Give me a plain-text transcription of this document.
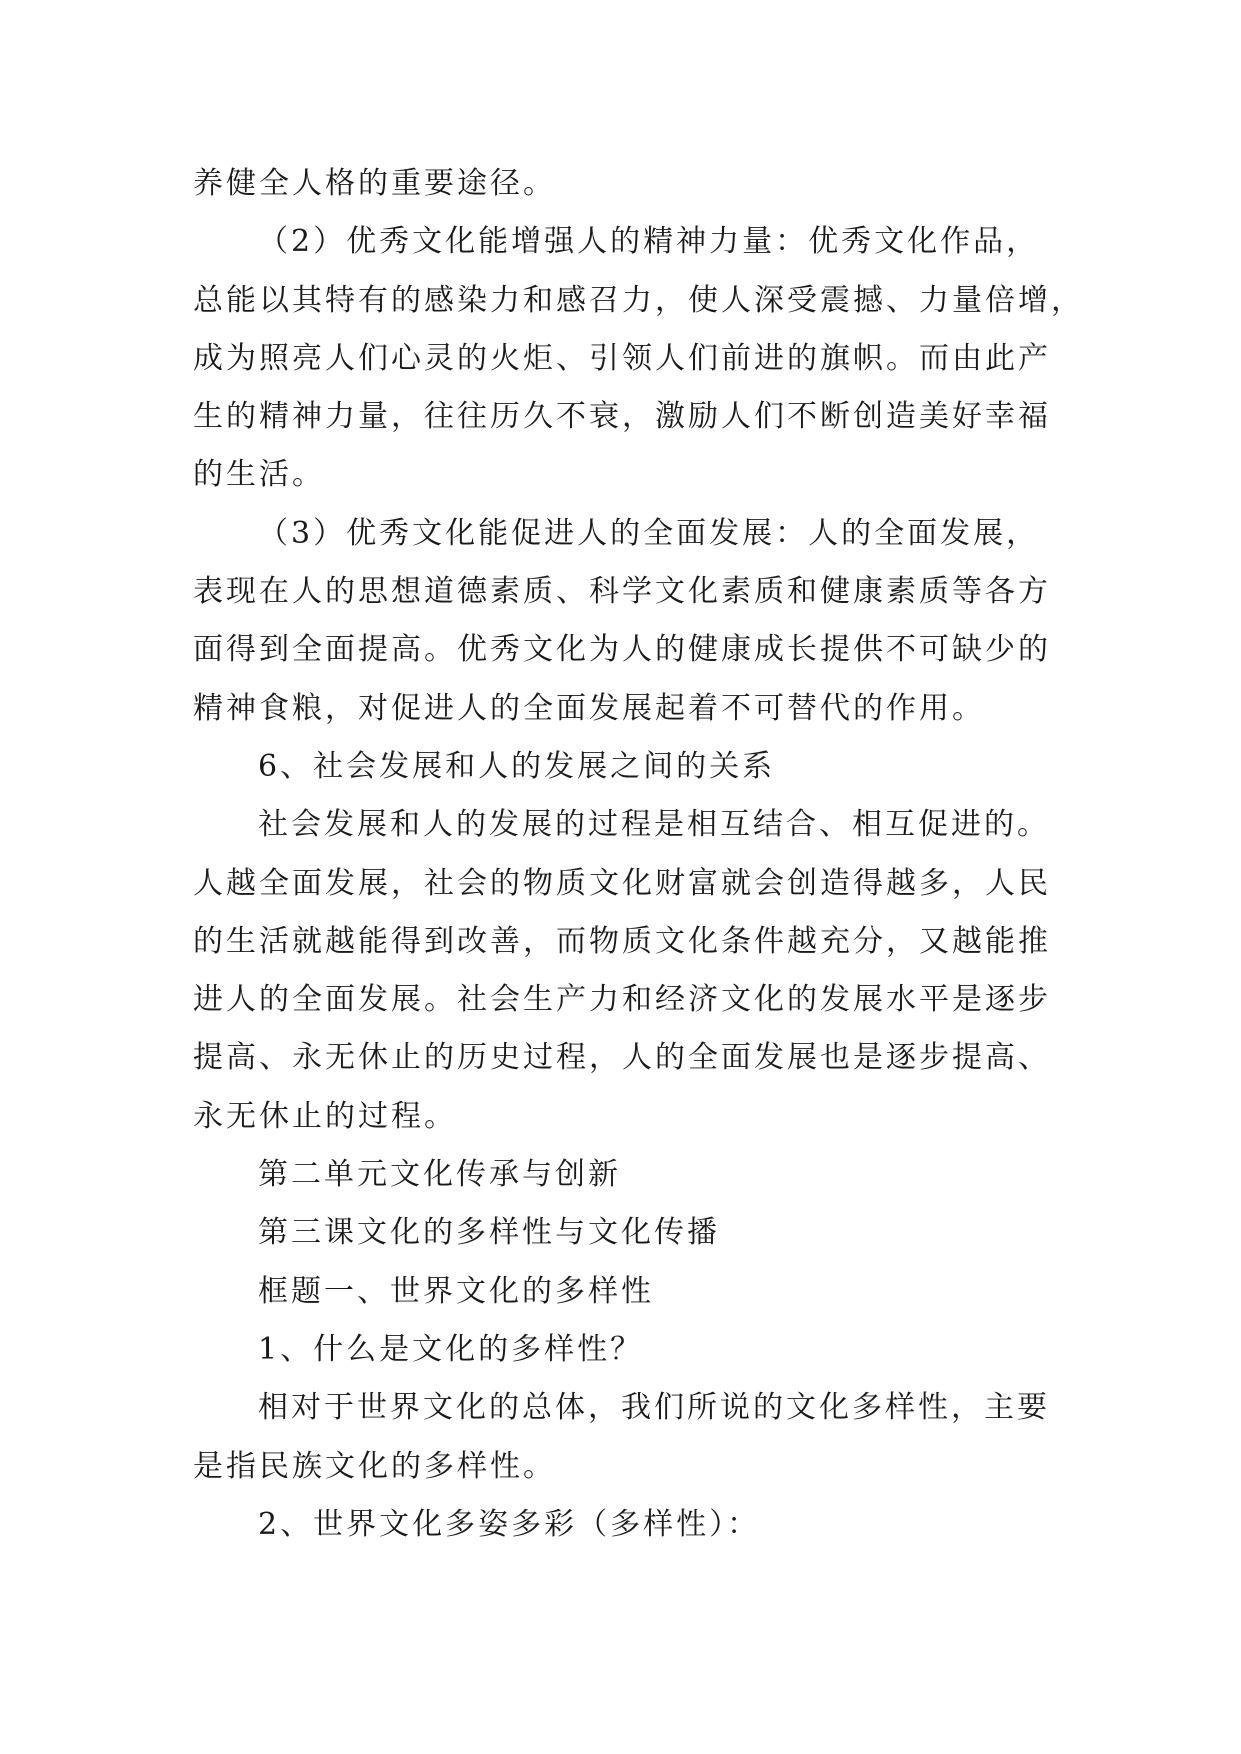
养健全人格的重要途径。
（2）优秀文化能增强人的精神力量：优秀文化作品，
总能以其特有的感染力和感召力，使人深受震撼、力量倍增，
成为照亮人们心灵的火炬、引领人们前进的旗帜。而由此产
生的精神力量，往往历久不衰，激励人们不断创造美好幸福
的生活。
（3）优秀文化能促进人的全面发展：人的全面发展，
表现在人的思想道德素质、科学文化素质和健康素质等各方
面得到全面提高。优秀文化为人的健康成长提供不可缺少的
精神食粮，对促进人的全面发展起着不可替代的作用。
6、社会发展和人的发展之间的关系
社会发展和人的发展的过程是相互结合、相互促进的。
人越全面发展，社会的物质文化财富就会创造得越多，人民
的生活就越能得到改善，而物质文化条件越充分，又越能推
进人的全面发展。社会生产力和经济文化的发展水平是逐步
提高、永无休止的历史过程，人的全面发展也是逐步提高、
永无休止的过程。
第二单元文化传承与创新
第三课文化的多样性与文化传播
框题一、世界文化的多样性
1、什么是文化的多样性？
相对于世界文化的总体，我们所说的文化多样性，主要
是指民族文化的多样性。
2、世界文化多姿多彩（多样性）：
